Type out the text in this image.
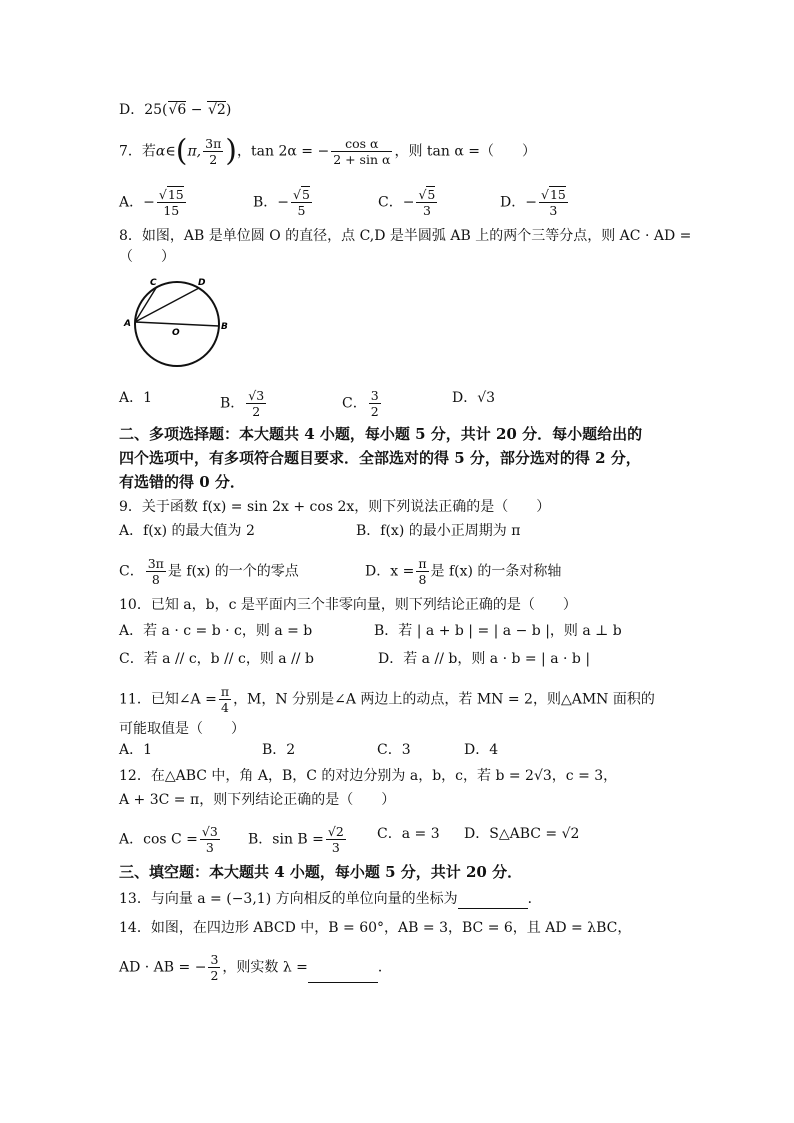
D．25(√6 − √2)
7．若α∈(π, $\frac{3\pi}{2}$ )，tan 2α = − $\frac{\text{cos α}}{\text{2 + sin α}}$ ，则 tan α =（　　）
A．− $\frac{√15}{15}$	B．− $\frac{√5}{5}$	C．− $\frac{√5}{3}$	D．− $\frac{√15}{3}$
8．如图，AB 是单位圆 O 的直径，点 C,D 是半圆弧 AB 上的两个三等分点，则 AC · AD =
（　　）
A	B
C	D
O
A．1	B． $\frac{√3}{2}$	C． $\frac{3}{2}$	D．√3
二、多项选择题：本大题共 4 小题，每小题 5 分，共计 20 分．每小题给出的
四个选项中，有多项符合题目要求．全部选对的得 5 分，部分选对的得 2 分，
有选错的得 0 分．
9．关于函数 f(x) = sin 2x + cos 2x，则下列说法正确的是（　　）
A．f(x) 的最大值为 2	B．f(x) 的最小正周期为 π
C． $\frac{3\pi}{8}$ 是 f(x) 的一个的零点	D．$x = \frac{\pi}{8}$ 是 f(x) 的一条对称轴
10．已知 a，b，c 是平面内三个非零向量，则下列结论正确的是（　　）
A．若 a · c = b · c，则 a = b	B．若 | a + b | = | a − b |，则 a ⊥ b
C．若 a // c，b // c，则 a // b	D．若 a // b，则 a · b = | a · b |
11．已知∠A = $\frac{\pi}{4}$ ，M，N 分别是∠A 两边上的动点，若 MN = 2，则△AMN 面积的
可能取值是（　　）
A．1	B．2	C．3	D．4
12．在△ABC 中，角 A，B，C 的对边分别为 a，b，c，若 b = 2√3，c = 3，
A + 3C = π，则下列结论正确的是（　　）
A．$\cos C = \frac{√3}{3}$ B．$\sin B = \frac{√2}{3}$ C．a = 3 D．S△ABC = √2
三、填空题：本大题共 4 小题，每小题 5 分，共计 20 分．
13．与向量 a = (−3,1) 方向相反的单位向量的坐标为	．
14．如图，在四边形 ABCD 中，B = 60°，AB = 3，BC = 6，且 AD = λBC，
AD · AB = − $\frac{3}{2}$ ，则实数 λ =	．
